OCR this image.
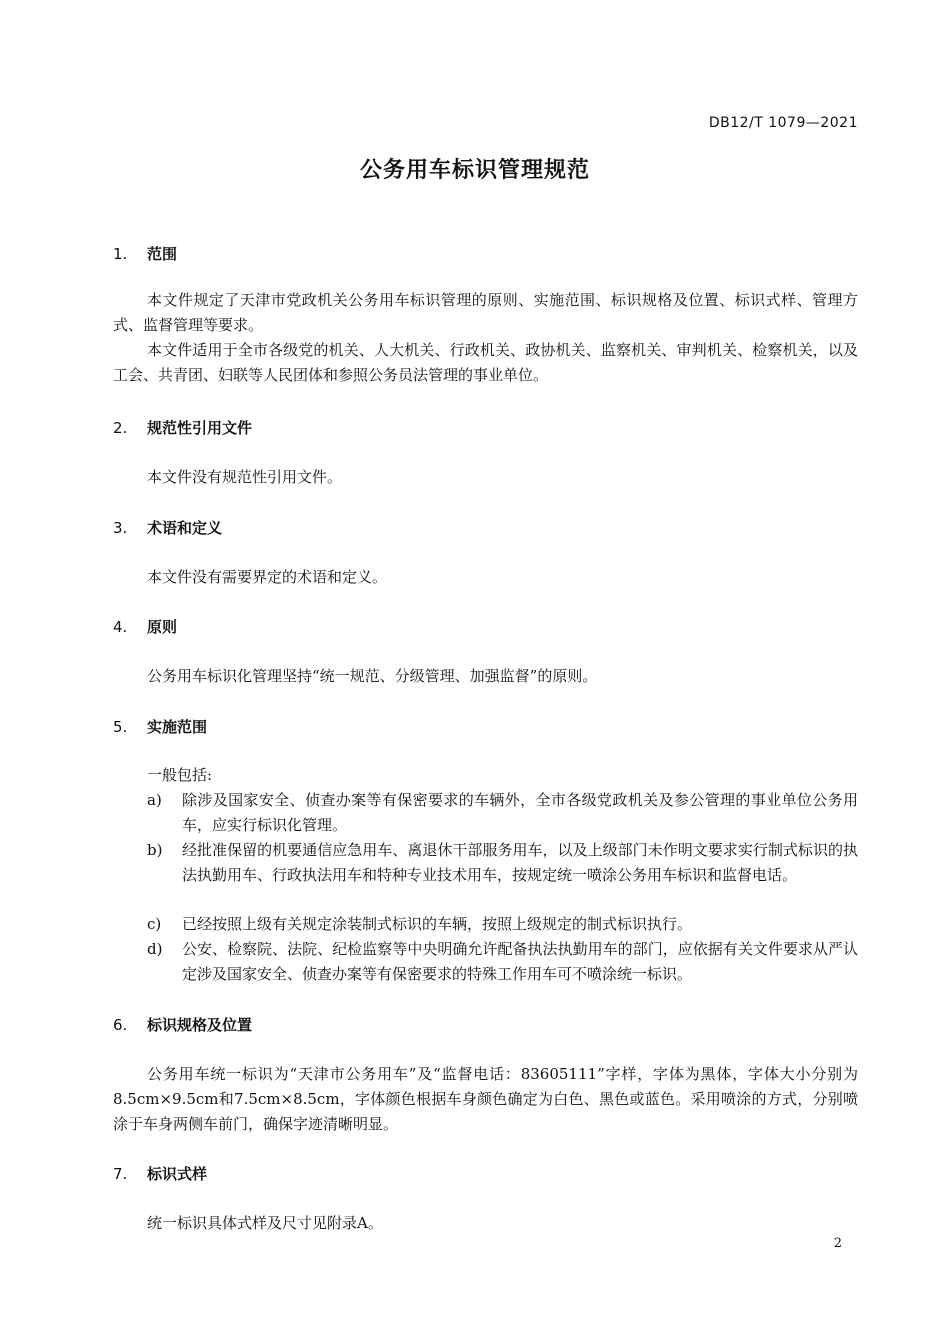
DB12/T 1079—2021
公务用车标识管理规范
1. 范围

本文件规定了天津市党政机关公务用车标识管理的原则、实施范围、标识规格及位置、标识式样、管理方式、监督管理等要求。

本文件适用于全市各级党的机关、人大机关、行政机关、政协机关、监察机关、审判机关、检察机关，以及工会、共青团、妇联等人民团体和参照公务员法管理的事业单位。

2. 规范性引用文件
本文件没有规范性引用文件。
3. 术语和定义
本文件没有需要界定的术语和定义。
4. 原则
公务用车标识化管理坚持“统一规范、分级管理、加强监督”的原则。
5. 实施范围
一般包括:
a) 除涉及国家安全、侦查办案等有保密要求的车辆外，全市各级党政机关及参公管理的事业单位公务用车，应实行标识化管理。
b) 经批准保留的机要通信应急用车、离退休干部服务用车，以及上级部门未作明文要求实行制式标识的执法执勤用车、行政执法用车和特种专业技术用车，按规定统一喷涂公务用车标识和监督电话。
c) 已经按照上级有关规定涂装制式标识的车辆，按照上级规定的制式标识执行。
d) 公安、检察院、法院、纪检监察等中央明确允许配备执法执勤用车的部门，应依据有关文件要求从严认定涉及国家安全、侦查办案等有保密要求的特殊工作用车可不喷涂统一标识。
6. 标识规格及位置

公务用车统一标识为“天津市公务用车”及“监督电话：83605111”字样，字体为黑体，字体大小分别为8.5cm×9.5cm和7.5cm×8.5cm，字体颜色根据车身颜色确定为白色、黑色或蓝色。采用喷涂的方式，分别喷涂于车身两侧车前门，确保字迹清晰明显。

7. 标识式样
统一标识具体式样及尺寸见附录A。
2
